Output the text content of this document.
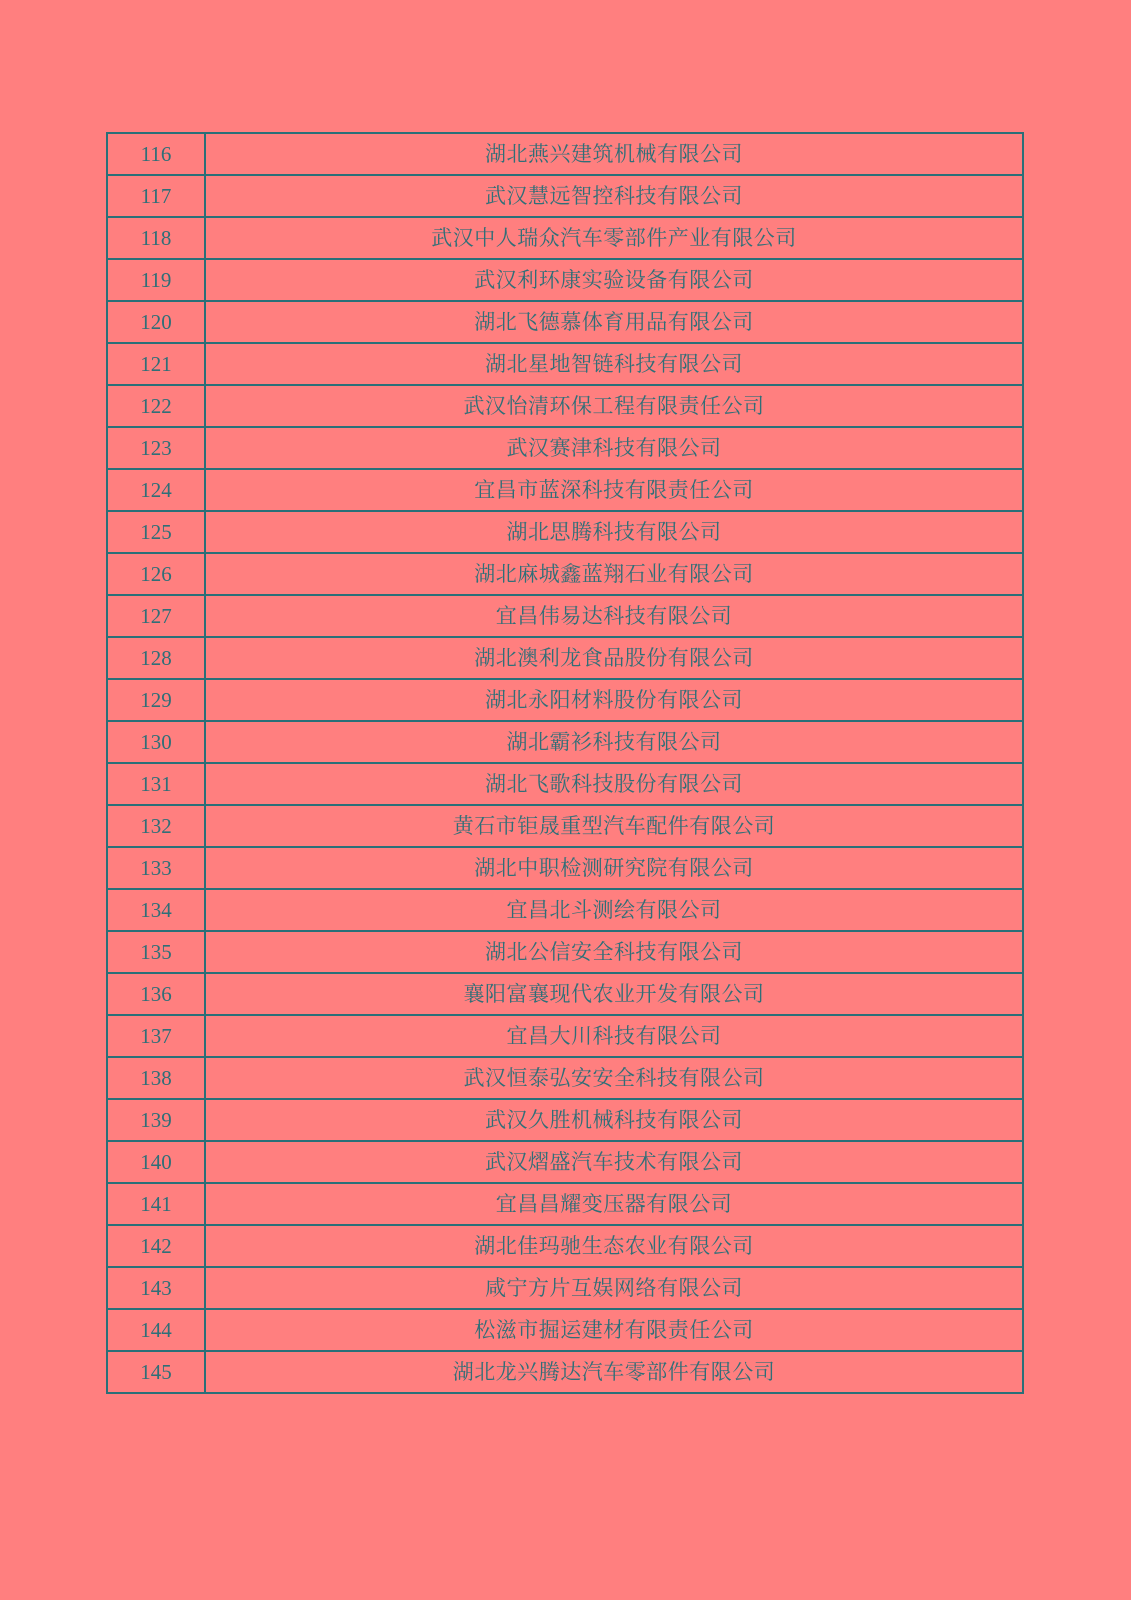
116	湖北燕兴建筑机械有限公司
117	武汉慧远智控科技有限公司
118	武汉中人瑞众汽车零部件产业有限公司
119	武汉利环康实验设备有限公司
120	湖北飞德慕体育用品有限公司
121	湖北星地智链科技有限公司
122	武汉怡清环保工程有限责任公司
123	武汉赛津科技有限公司
124	宜昌市蓝深科技有限责任公司
125	湖北思腾科技有限公司
126	湖北麻城鑫蓝翔石业有限公司
127	宜昌伟易达科技有限公司
128	湖北澳利龙食品股份有限公司
129	湖北永阳材料股份有限公司
130	湖北霸衫科技有限公司
131	湖北飞歌科技股份有限公司
132	黄石市钜晟重型汽车配件有限公司
133	湖北中职检测研究院有限公司
134	宜昌北斗测绘有限公司
135	湖北公信安全科技有限公司
136	襄阳富襄现代农业开发有限公司
137	宜昌大川科技有限公司
138	武汉恒泰弘安安全科技有限公司
139	武汉久胜机械科技有限公司
140	武汉熠盛汽车技术有限公司
141	宜昌昌耀变压器有限公司
142	湖北佳玛驰生态农业有限公司
143	咸宁方片互娱网络有限公司
144	松滋市掘运建材有限责任公司
145	湖北龙兴腾达汽车零部件有限公司
